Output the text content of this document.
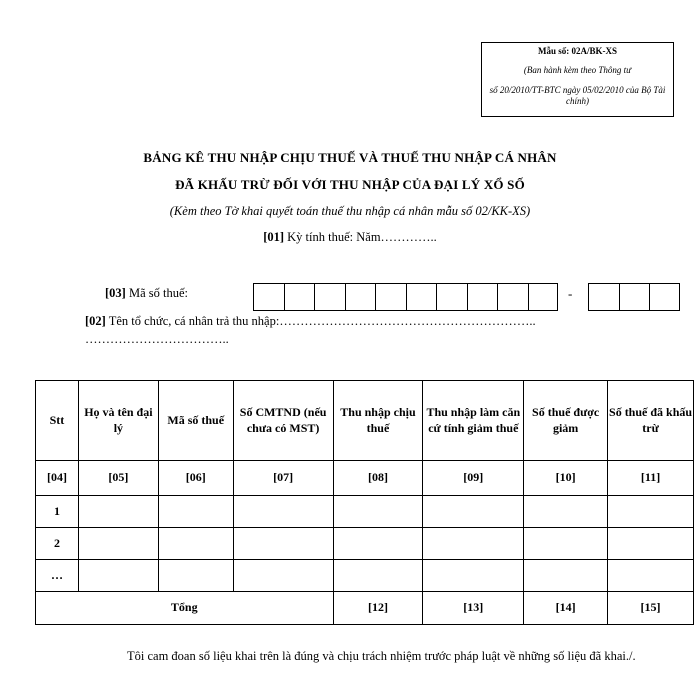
Mẫu số: 02A/BK-XS
(Ban hành kèm theo Thông tư
số 20/2010/TT-BTC ngày 05/02/2010 của Bộ Tài chính)
BẢNG KÊ THU NHẬP CHỊU THUẾ VÀ THUẾ THU NHẬP CÁ NHÂN
ĐÃ KHẤU TRỪ ĐỐI VỚI THU NHẬP CỦA ĐẠI LÝ XỔ SỐ
(Kèm theo Tờ khai quyết toán thuế thu nhập cá nhân mẫu số 02/KK-XS)
[01] Kỳ tính thuế: Năm…………..
[03] Mã số thuế:	-
[02] Tên tổ chức, cá nhân trả thu nhập:……………………………………………………..
……………………………..
Stt	Họ và tên đại lý	Mã số thuế	Số CMTND (nếu chưa có MST)	Thu nhập chịu thuế	Thu nhập làm căn cứ tính giảm thuế	Số thuế được giảm	Số thuế đã khấu trừ
[04]	[05]	[06]	[07]	[08]	[09]	[10]	[11]
1							
2							
…							
Tổng				[12]	[13]	[14]	[15]
Tôi cam đoan số liệu khai trên là đúng và chịu trách nhiệm trước pháp luật về những số liệu đã khai./.
